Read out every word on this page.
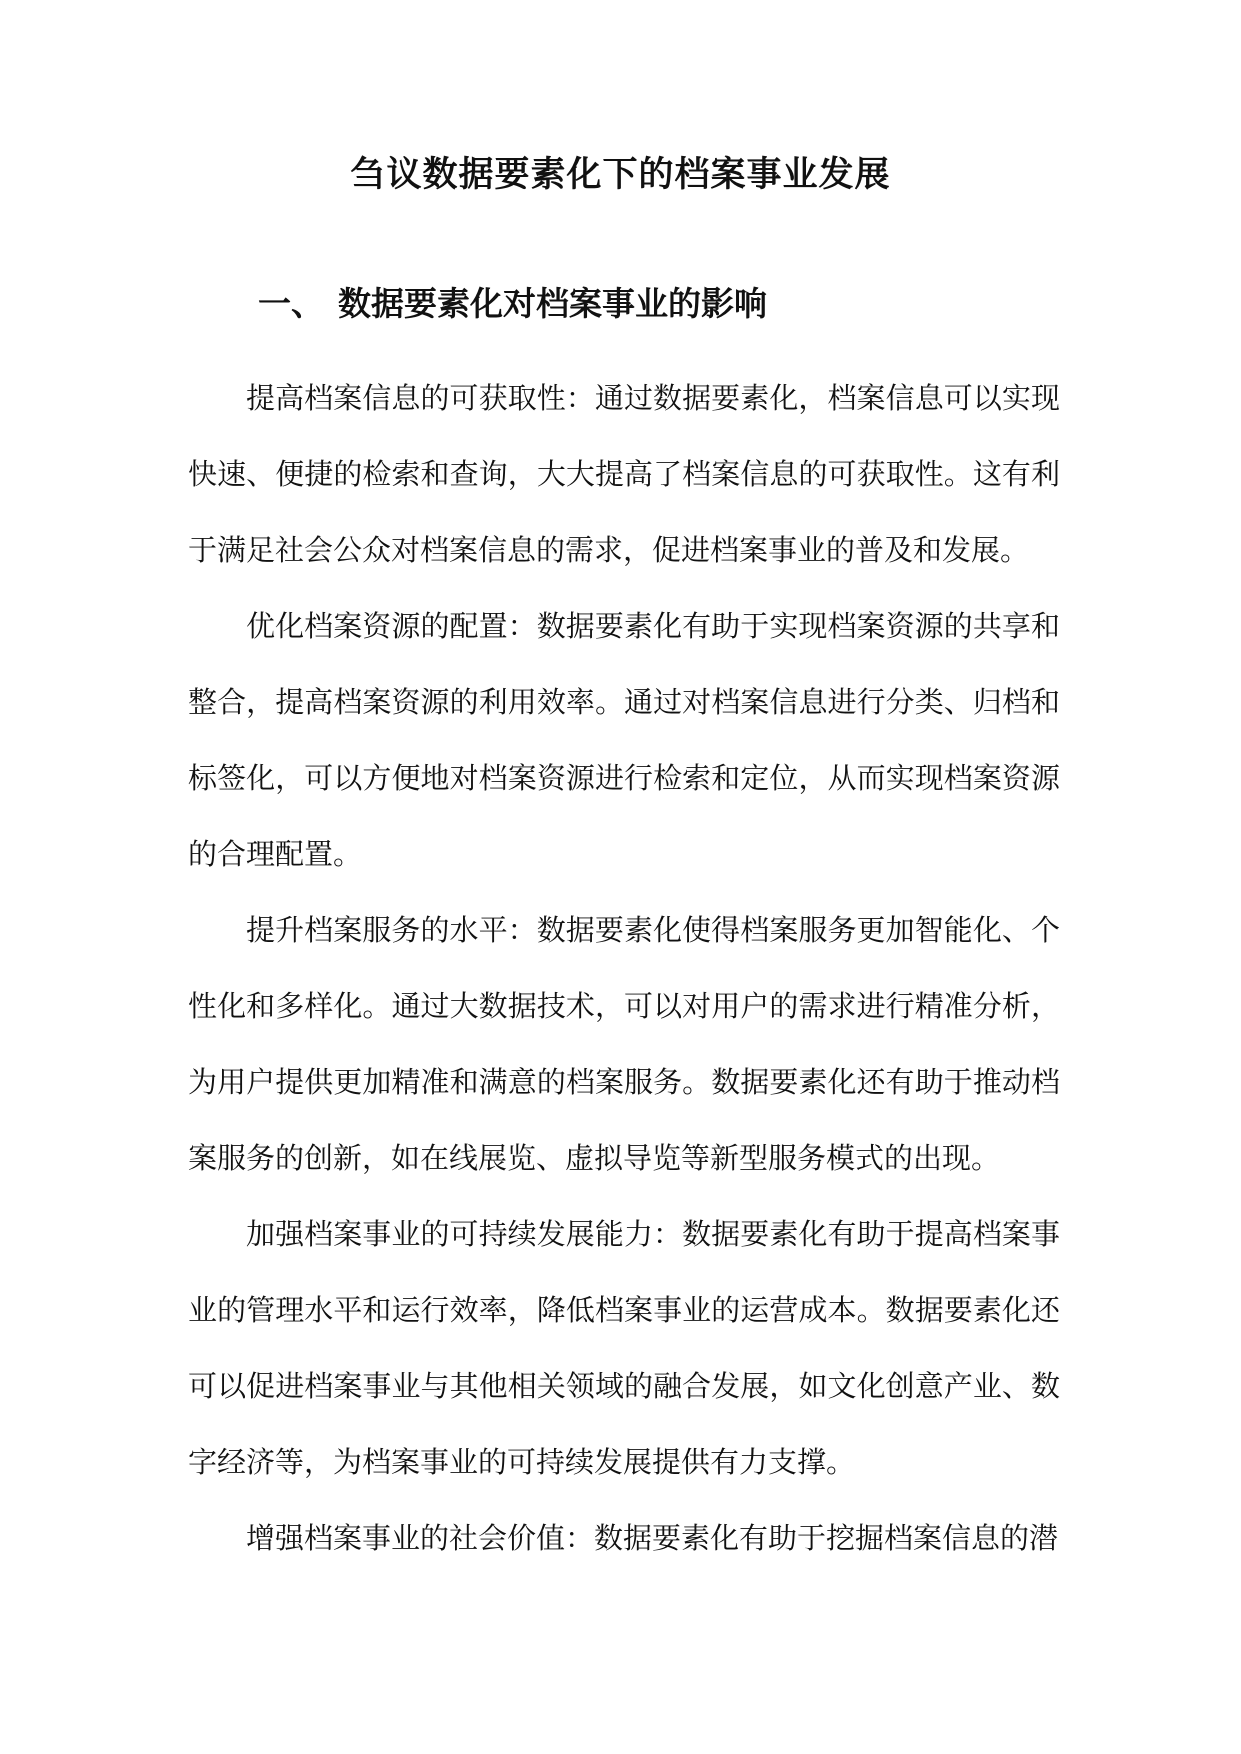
刍议数据要素化下的档案事业发展
一、 数据要素化对档案事业的影响

提高档案信息的可获取性：通过数据要素化，档案信息可以实现快速、便捷的检索和查询，大大提高了档案信息的可获取性。这有利于满足社会公众对档案信息的需求，促进档案事业的普及和发展。

优化档案资源的配置：数据要素化有助于实现档案资源的共享和整合，提高档案资源的利用效率。通过对档案信息进行分类、归档和标签化，可以方便地对档案资源进行检索和定位，从而实现档案资源的合理配置。

提升档案服务的水平：数据要素化使得档案服务更加智能化、个性化和多样化。通过大数据技术，可以对用户的需求进行精准分析，为用户提供更加精准和满意的档案服务。数据要素化还有助于推动档案服务的创新，如在线展览、虚拟导览等新型服务模式的出现。

加强档案事业的可持续发展能力：数据要素化有助于提高档案事业的管理水平和运行效率，降低档案事业的运营成本。数据要素化还可以促进档案事业与其他相关领域的融合发展，如文化创意产业、数字经济等，为档案事业的可持续发展提供有力支撑。

增强档案事业的社会价值：数据要素化有助于挖掘档案信息的潜
